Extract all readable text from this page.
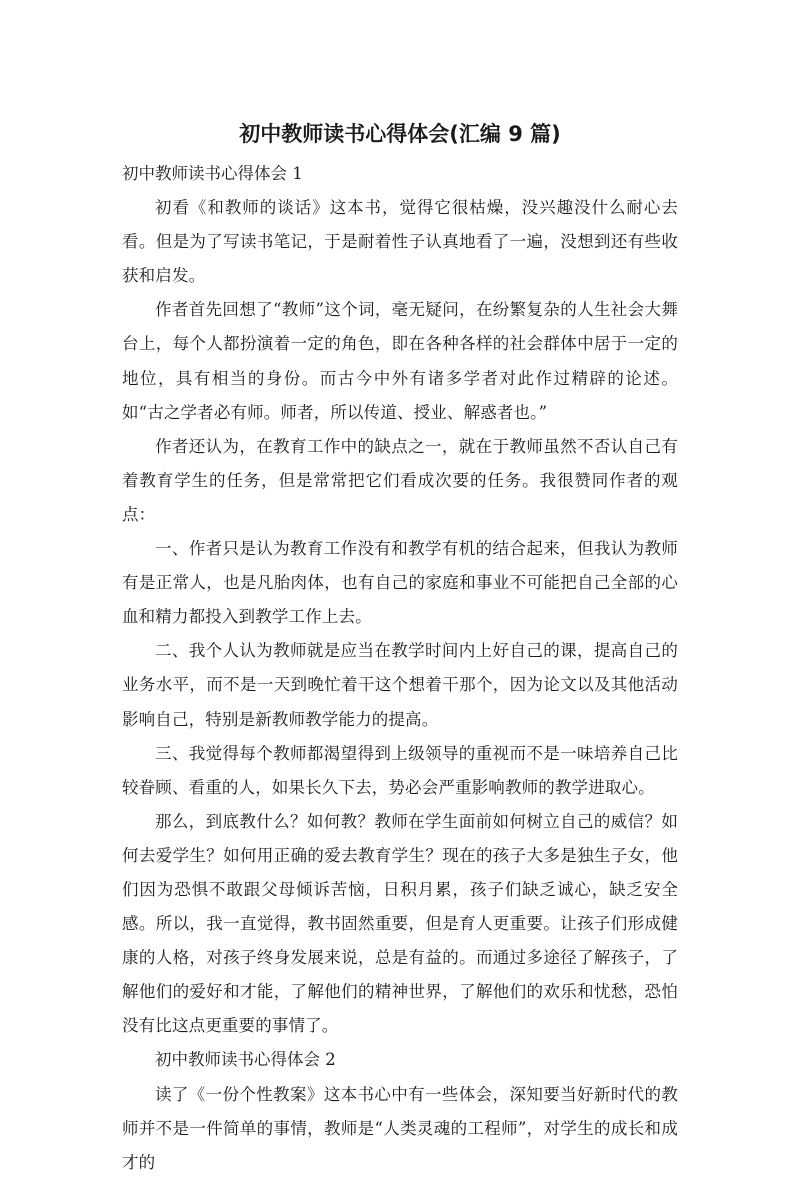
初中教师读书心得体会(汇编 9 篇)

初中教师读书心得体会 1

初看《和教师的谈话》这本书，觉得它很枯燥，没兴趣没什么耐心去看。但是为了写读书笔记，于是耐着性子认真地看了一遍，没想到还有些收获和启发。

作者首先回想了“教师”这个词，毫无疑问，在纷繁复杂的人生社会大舞台上，每个人都扮演着一定的角色，即在各种各样的社会群体中居于一定的地位，具有相当的身份。而古今中外有诸多学者对此作过精辟的论述。如“古之学者必有师。师者，所以传道、授业、解惑者也。”

作者还认为，在教育工作中的缺点之一，就在于教师虽然不否认自己有着教育学生的任务，但是常常把它们看成次要的任务。我很赞同作者的观点：

一、作者只是认为教育工作没有和教学有机的结合起来，但我认为教师有是正常人，也是凡胎肉体，也有自己的家庭和事业不可能把自己全部的心血和精力都投入到教学工作上去。

二、我个人认为教师就是应当在教学时间内上好自己的课，提高自己的业务水平，而不是一天到晚忙着干这个想着干那个，因为论文以及其他活动影响自己，特别是新教师教学能力的提高。

三、我觉得每个教师都渴望得到上级领导的重视而不是一味培养自己比较眷顾、看重的人，如果长久下去，势必会严重影响教师的教学进取心。

那么，到底教什么？如何教？教师在学生面前如何树立自己的威信？如何去爱学生？如何用正确的爱去教育学生？现在的孩子大多是独生子女，他们因为恐惧不敢跟父母倾诉苦恼，日积月累，孩子们缺乏诚心，缺乏安全感。所以，我一直觉得，教书固然重要，但是育人更重要。让孩子们形成健康的人格，对孩子终身发展来说，总是有益的。而通过多途径了解孩子，了解他们的爱好和才能，了解他们的精神世界，了解他们的欢乐和忧愁，恐怕没有比这点更重要的事情了。

初中教师读书心得体会 2

读了《一份个性教案》这本书心中有一些体会，深知要当好新时代的教师并不是一件简单的事情，教师是“人类灵魂的工程师”，对学生的成长和成才的
